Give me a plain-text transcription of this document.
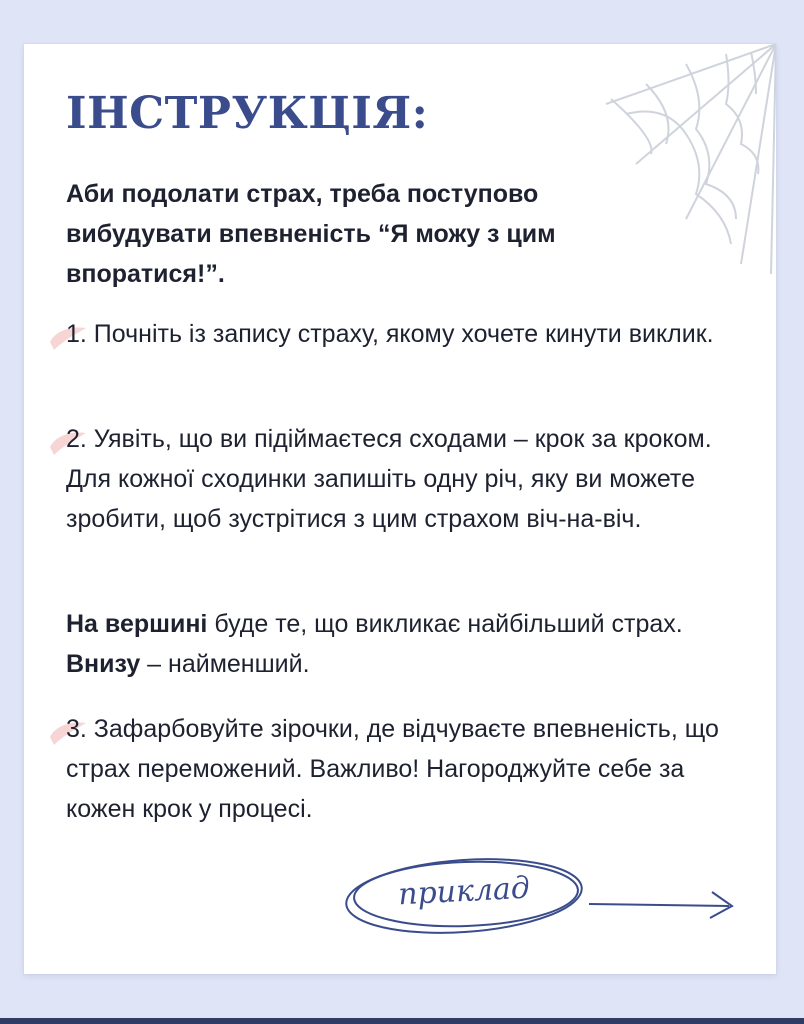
ІНСТРУКЦІЯ:

Аби подолати страх, треба поступово вибудувати впевненість “Я можу з цим впоратися!”.

1. Почніть із запису страху, якому хочете кинути виклик.

2. Уявіть, що ви підіймаєтеся сходами – крок за кроком. Для кожної сходинки запишіть одну річ, яку ви можете зробити, щоб зустрітися з цим страхом віч-на-віч.

На вершині буде те, що викликає найбільший страх. Внизу – найменший.

3. Зафарбовуйте зірочки, де відчуваєте впевненість, що страх переможений. Важливо! Нагороджуйте себе за кожен крок у процесі.

приклад
